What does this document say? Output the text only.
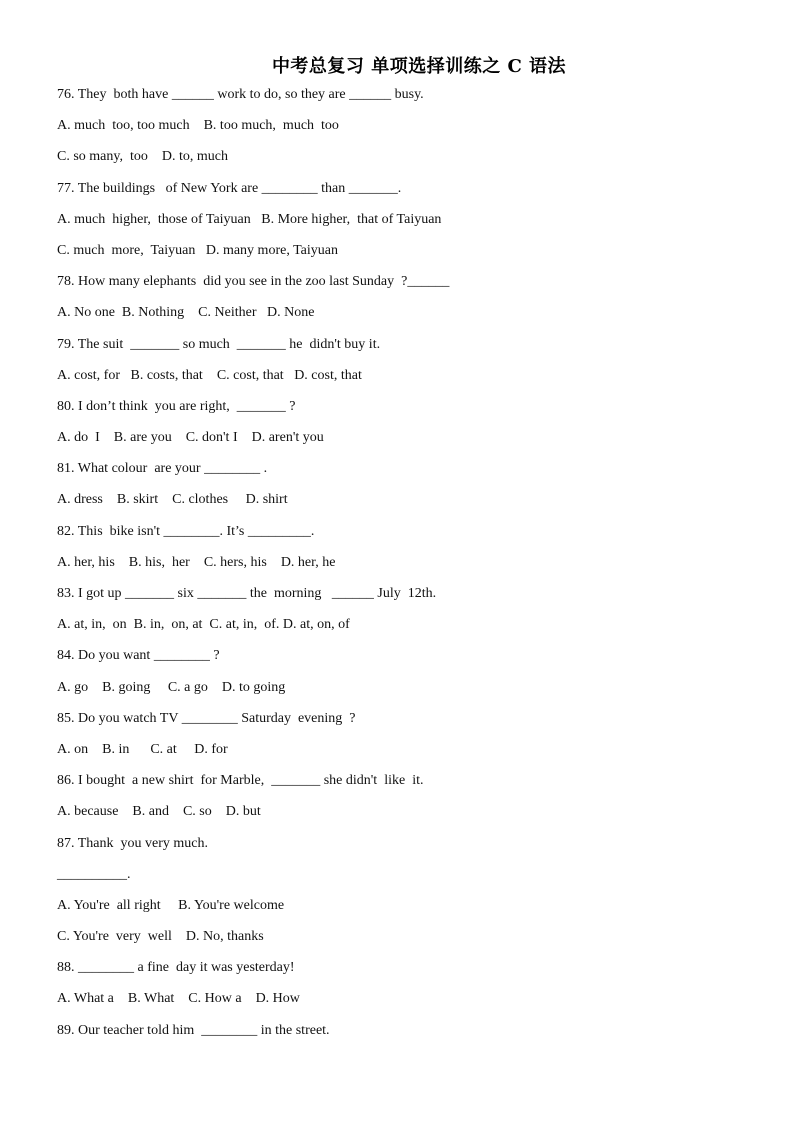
中考总复习 单项选择训练之 C 语法
76. They  both have ______ work to do, so they are ______ busy.
A. much  too, too much    B. too much,  much  too
C. so many,  too    D. to, much
77. The buildings   of New York are ________ than _______.
A. much  higher,  those of Taiyuan   B. More higher,  that of Taiyuan
C. much  more,  Taiyuan   D. many more, Taiyuan
78. How many elephants  did you see in the zoo last Sunday  ?______
A. No one  B. Nothing    C. Neither   D. None
79. The suit  _______ so much  _______ he  didn't buy it.
A. cost, for   B. costs, that    C. cost, that   D. cost, that
80. I don’t think  you are right,  _______ ?
A. do  I    B. are you    C. don't I    D. aren't you
81. What colour  are your ________ .
A. dress    B. skirt    C. clothes     D. shirt
82. This  bike isn't ________. It’s _________.
A. her, his    B. his,  her    C. hers, his    D. her, he
83. I got up _______ six _______ the  morning   ______ July  12th.
A. at, in,  on  B. in,  on, at  C. at, in,  of. D. at, on, of
84. Do you want ________ ?
A. go    B. going     C. a go    D. to going
85. Do you watch TV ________ Saturday  evening  ?
A. on    B. in      C. at     D. for
86. I bought  a new shirt  for Marble,  _______ she didn't  like  it.
A. because    B. and    C. so    D. but
87. Thank  you very much.
__________.
A. You're  all right     B. You're welcome
C. You're  very  well    D. No, thanks
88. ________ a fine  day it was yesterday!
A. What a    B. What    C. How a    D. How
89. Our teacher told him  ________ in the street.
